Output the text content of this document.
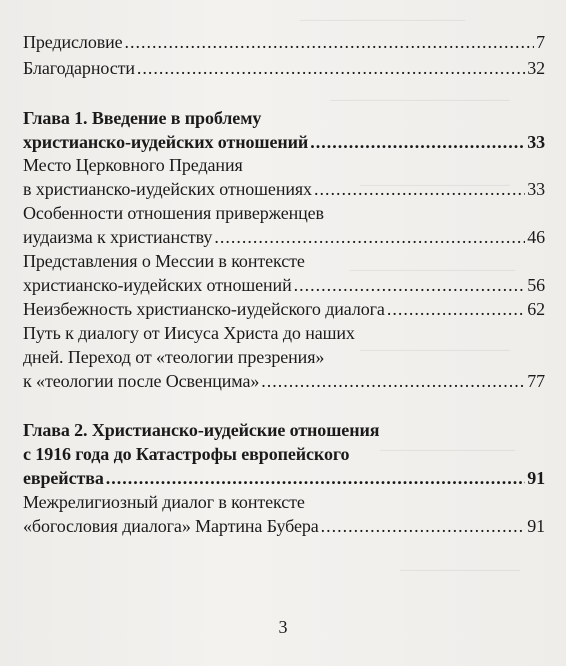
Предисловие .....	7
Благодарности .....	32
Глава 1. Введение в проблему
христианско-иудейских отношений .....	33
Место Церковного Предания
в христианско-иудейских отношениях .....	33
Особенности отношения приверженцев
иудаизма к христианству .....	46
Представления о Мессии в контексте
христианско-иудейских отношений .....	56
Неизбежность христианско-иудейского диалога .....	62
Путь к диалогу от Иисуса Христа до наших
дней. Переход от «теологии презрения»
к «теологии после Освенцима» .....	77
Глава 2. Христианско-иудейские отношения
с 1916 года до Катастрофы европейского
еврейства .....	91
Межрелигиозный диалог в контексте
«богословия диалога» Мартина Бубера .....	91
3
